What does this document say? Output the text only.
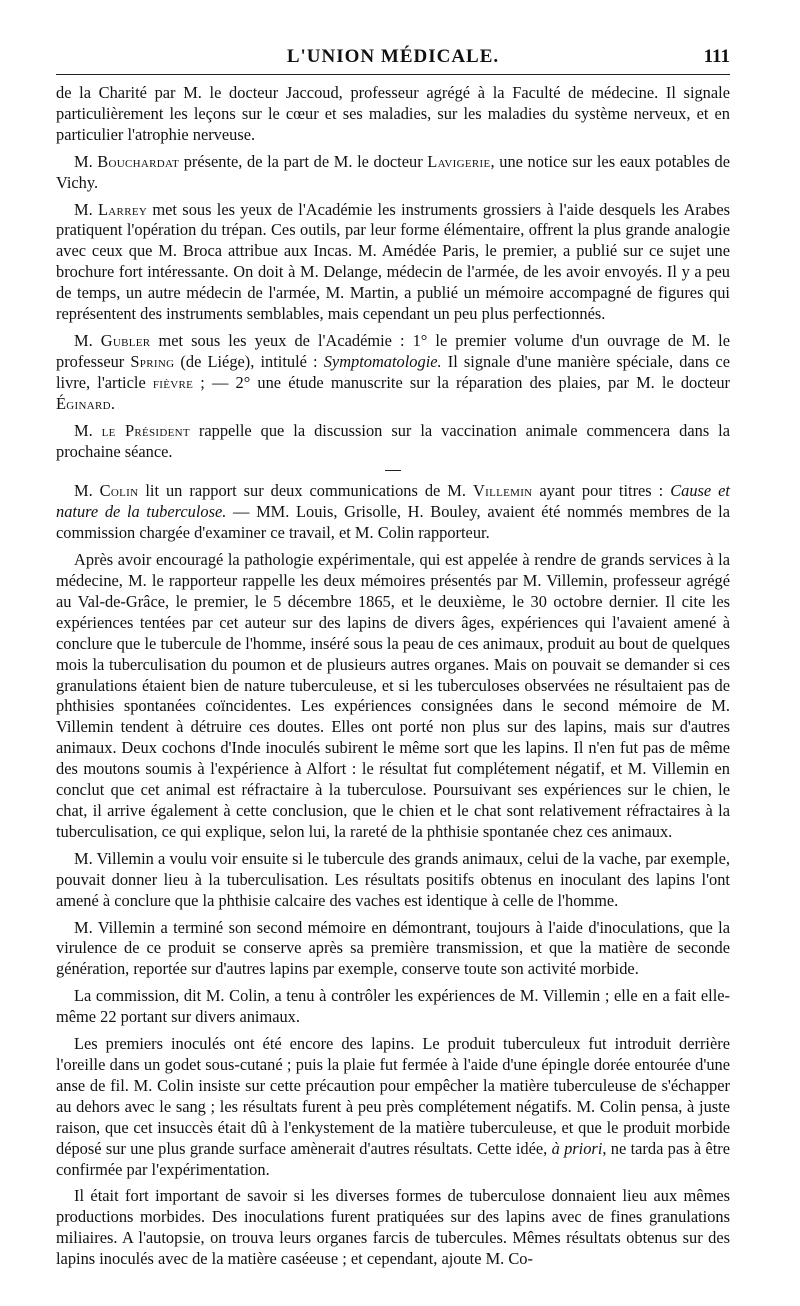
L'UNION MÉDICALE.	111

de la Charité par M. le docteur Jaccoud, professeur agrégé à la Faculté de médecine. Il signale particulièrement les leçons sur le cœur et ses maladies, sur les maladies du système nerveux, et en particulier l'atrophie nerveuse.

M. Bouchardat présente, de la part de M. le docteur Lavigerie, une notice sur les eaux potables de Vichy.

M. Larrey met sous les yeux de l'Académie les instruments grossiers à l'aide desquels les Arabes pratiquent l'opération du trépan. Ces outils, par leur forme élémentaire, offrent la plus grande analogie avec ceux que M. Broca attribue aux Incas. M. Amédée Paris, le premier, a publié sur ce sujet une brochure fort intéressante. On doit à M. Delange, médecin de l'armée, de les avoir envoyés. Il y a peu de temps, un autre médecin de l'armée, M. Martin, a publié un mémoire accompagné de figures qui représentent des instruments semblables, mais cependant un peu plus perfectionnés.

M. Gubler met sous les yeux de l'Académie : 1° le premier volume d'un ouvrage de M. le professeur Spring (de Liége), intitulé : Symptomatologie. Il signale d'une manière spéciale, dans ce livre, l'article fièvre ; — 2° une étude manuscrite sur la réparation des plaies, par M. le docteur Éginard.

M. le Président rappelle que la discussion sur la vaccination animale commencera dans la prochaine séance.

M. Colin lit un rapport sur deux communications de M. Villemin ayant pour titres : Cause et nature de la tuberculose. — MM. Louis, Grisolle, H. Bouley, avaient été nommés membres de la commission chargée d'examiner ce travail, et M. Colin rapporteur.

Après avoir encouragé la pathologie expérimentale, qui est appelée à rendre de grands services à la médecine, M. le rapporteur rappelle les deux mémoires présentés par M. Villemin, professeur agrégé au Val-de-Grâce, le premier, le 5 décembre 1865, et le deuxième, le 30 octobre dernier. Il cite les expériences tentées par cet auteur sur des lapins de divers âges, expériences qui l'avaient amené à conclure que le tubercule de l'homme, inséré sous la peau de ces animaux, produit au bout de quelques mois la tuberculisation du poumon et de plusieurs autres organes. Mais on pouvait se demander si ces granulations étaient bien de nature tuberculeuse, et si les tuberculoses observées ne résultaient pas de phthisies spontanées coïncidentes. Les expériences consignées dans le second mémoire de M. Villemin tendent à détruire ces doutes. Elles ont porté non plus sur des lapins, mais sur d'autres animaux. Deux cochons d'Inde inoculés subirent le même sort que les lapins. Il n'en fut pas de même des moutons soumis à l'expérience à Alfort : le résultat fut complétement négatif, et M. Villemin en conclut que cet animal est réfractaire à la tuberculose. Poursuivant ses expériences sur le chien, le chat, il arrive également à cette conclusion, que le chien et le chat sont relativement réfractaires à la tuberculisation, ce qui explique, selon lui, la rareté de la phthisie spontanée chez ces animaux.

M. Villemin a voulu voir ensuite si le tubercule des grands animaux, celui de la vache, par exemple, pouvait donner lieu à la tuberculisation. Les résultats positifs obtenus en inoculant des lapins l'ont amené à conclure que la phthisie calcaire des vaches est identique à celle de l'homme.

M. Villemin a terminé son second mémoire en démontrant, toujours à l'aide d'inoculations, que la virulence de ce produit se conserve après sa première transmission, et que la matière de seconde génération, reportée sur d'autres lapins par exemple, conserve toute son activité morbide.

La commission, dit M. Colin, a tenu à contrôler les expériences de M. Villemin ; elle en a fait elle-même 22 portant sur divers animaux.

Les premiers inoculés ont été encore des lapins. Le produit tuberculeux fut introduit derrière l'oreille dans un godet sous-cutané ; puis la plaie fut fermée à l'aide d'une épingle dorée entourée d'une anse de fil. M. Colin insiste sur cette précaution pour empêcher la matière tuberculeuse de s'échapper au dehors avec le sang ; les résultats furent à peu près complétement négatifs. M. Colin pensa, à juste raison, que cet insuccès était dû à l'enkystement de la matière tuberculeuse, et que le produit morbide déposé sur une plus grande surface amènerait d'autres résultats. Cette idée, à priori, ne tarda pas à être confirmée par l'expérimentation.

Il était fort important de savoir si les diverses formes de tuberculose donnaient lieu aux mêmes productions morbides. Des inoculations furent pratiquées sur des lapins avec de fines granulations miliaires. A l'autopsie, on trouva leurs organes farcis de tubercules. Mêmes résultats obtenus sur des lapins inoculés avec de la matière caséeuse ; et cependant, ajoute M. Co-
